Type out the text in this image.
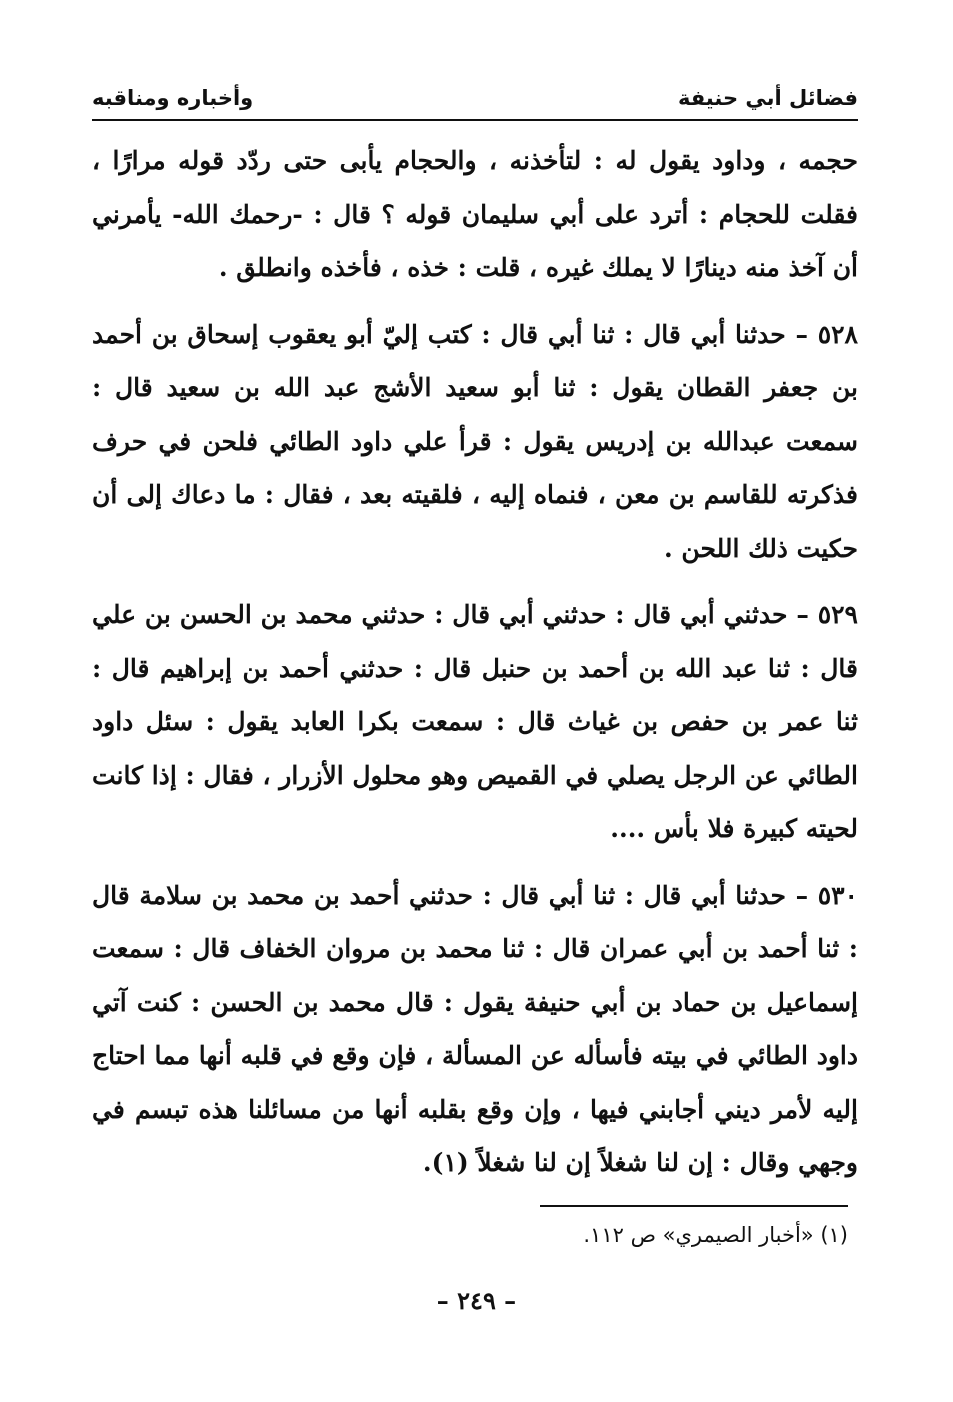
فضائل أبي حنيفة
وأخباره ومناقبه

حجمه ، وداود يقول له : لتأخذنه ، والحجام يأبى حتى ردّد قوله مرارًا ، فقلت للحجام : أترد على أبي سليمان قوله ؟ قال : -رحمك الله- يأمرني أن آخذ منه دينارًا لا يملك غيره ، قلت : خذه ، فأخذه وانطلق .

٥٢٨ – حدثنا أبي قال : ثنا أبي قال : كتب إليّ أبو يعقوب إسحاق بن أحمد بن جعفر القطان يقول : ثنا أبو سعيد الأشج عبد الله بن سعيد قال : سمعت عبدالله بن إدريس يقول : قرأ علي داود الطائي فلحن في حرف فذكرته للقاسم بن معن ، فنماه إليه ، فلقيته بعد ، فقال : ما دعاك إلى أن حكيت ذلك اللحن .

٥٢٩ – حدثني أبي قال : حدثني أبي قال : حدثني محمد بن الحسن بن علي قال : ثنا عبد الله بن أحمد بن حنبل قال : حدثني أحمد بن إبراهيم قال : ثنا عمر بن حفص بن غياث قال : سمعت بكرا العابد يقول : سئل داود الطائي عن الرجل يصلي في القميص وهو محلول الأزرار ، فقال : إذا كانت لحيته كبيرة فلا بأس ....

٥٣٠ – حدثنا أبي قال : ثنا أبي قال : حدثني أحمد بن محمد بن سلامة قال : ثنا أحمد بن أبي عمران قال : ثنا محمد بن مروان الخفاف قال : سمعت إسماعيل بن حماد بن أبي حنيفة يقول : قال محمد بن الحسن : كنت آتي داود الطائي في بيته فأسأله عن المسألة ، فإن وقع في قلبه أنها مما احتاج إليه لأمر ديني أجابني فيها ، وإن وقع بقلبه أنها من مسائلنا هذه تبسم في وجهي وقال : إن لنا شغلاً إن لنا شغلاً (١).

(١) «أخبار الصيمري» ص ١١٢.
– ٢٤٩ –
